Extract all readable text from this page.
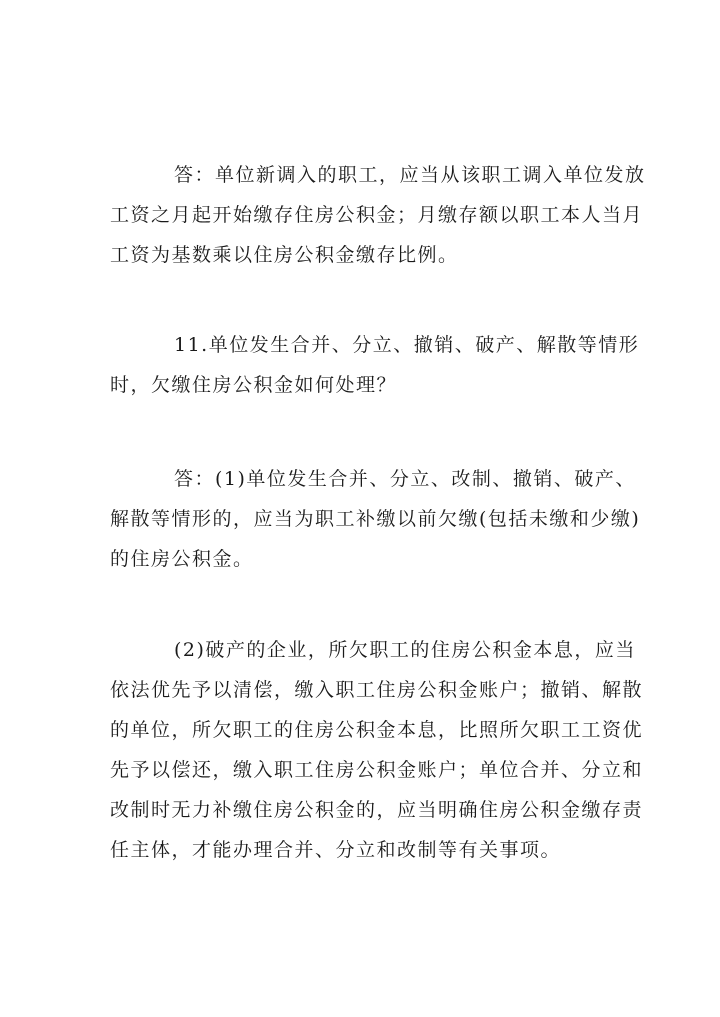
答：单位新调入的职工，应当从该职工调入单位发放
工资之月起开始缴存住房公积金；月缴存额以职工本人当月
工资为基数乘以住房公积金缴存比例。
11.单位发生合并、分立、撤销、破产、解散等情形
时，欠缴住房公积金如何处理？
答：(1)单位发生合并、分立、改制、撤销、破产、
解散等情形的，应当为职工补缴以前欠缴(包括未缴和少缴)
的住房公积金。
(2)破产的企业，所欠职工的住房公积金本息，应当
依法优先予以清偿，缴入职工住房公积金账户；撤销、解散
的单位，所欠职工的住房公积金本息，比照所欠职工工资优
先予以偿还，缴入职工住房公积金账户；单位合并、分立和
改制时无力补缴住房公积金的，应当明确住房公积金缴存责
任主体，才能办理合并、分立和改制等有关事项。
